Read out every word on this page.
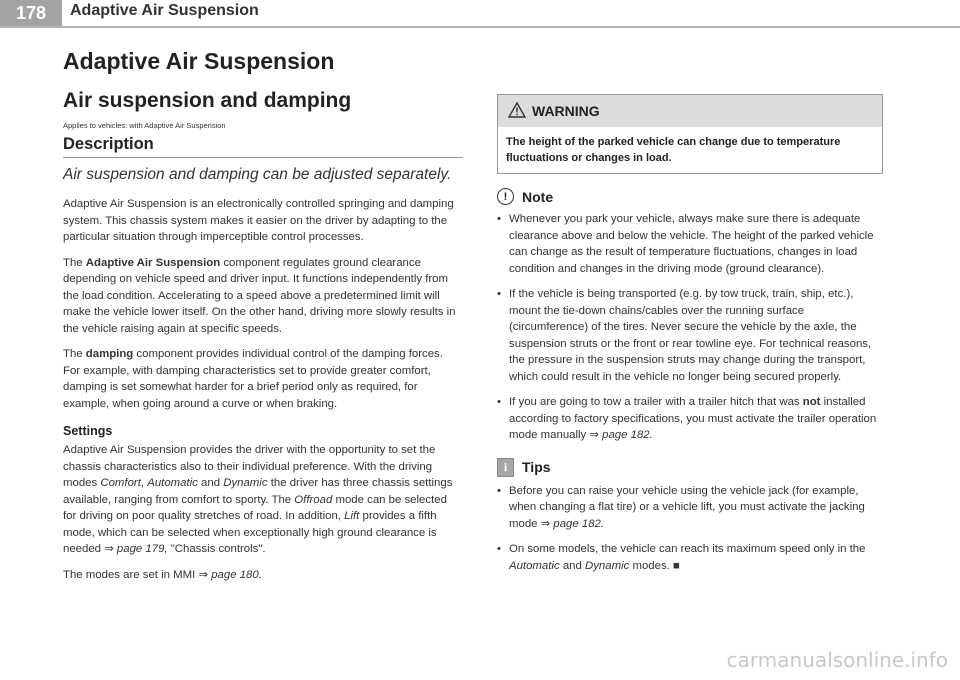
178	Adaptive Air Suspension
Adaptive Air Suspension
Air suspension and damping
Applies to vehicles: with Adaptive Air Suspension
Description
Air suspension and damping can be adjusted separately.

Adaptive Air Suspension is an electronically controlled springing and damping system. This chassis system makes it easier on the driver by adapting to the particular situation through imperceptible control processes.

The Adaptive Air Suspension component regulates ground clearance depending on vehicle speed and driver input. It functions independently from the load condition. Accelerating to a speed above a predetermined limit will make the vehicle lower itself. On the other hand, driving more slowly results in the vehicle raising again at specific speeds.

The damping component provides individual control of the damping forces. For example, with damping characteristics set to provide greater comfort, damping is set somewhat harder for a brief period only as required, for example, when going around a curve or when braking.

Settings

Adaptive Air Suspension provides the driver with the opportunity to set the chassis characteristics also to their individual preference. With the driving modes Comfort, Automatic and Dynamic the driver has three chassis settings available, ranging from comfort to sporty. The Offroad mode can be selected for driving on poor quality stretches of road. In addition, Lift provides a fifth mode, which can be selected when exceptionally high ground clearance is needed ⇒ page 179, "Chassis controls".

The modes are set in MMI ⇒ page 180.

WARNING
The height of the parked vehicle can change due to temperature fluctuations or changes in load.
!	Note

• Whenever you park your vehicle, always make sure there is adequate clearance above and below the vehicle. The height of the parked vehicle can change as the result of temperature fluctuations, changes in load condition and changes in the driving mode (ground clearance).

• If the vehicle is being transported (e.g. by tow truck, train, ship, etc.), mount the tie-down chains/cables over the running surface (circumference) of the tires. Never secure the vehicle by the axle, the suspension struts or the front or rear towline eye. For technical reasons, the pressure in the suspension struts may change during the transport, which could result in the vehicle no longer being secured properly.

• If you are going to tow a trailer with a trailer hitch that was not installed according to factory specifications, you must activate the trailer operation mode manually ⇒ page 182.

i	Tips

• Before you can raise your vehicle using the vehicle jack (for example, when changing a flat tire) or a vehicle lift, you must activate the jacking mode ⇒ page 182.

• On some models, the vehicle can reach its maximum speed only in the Automatic and Dynamic modes. ■

carmanualsonline.info
